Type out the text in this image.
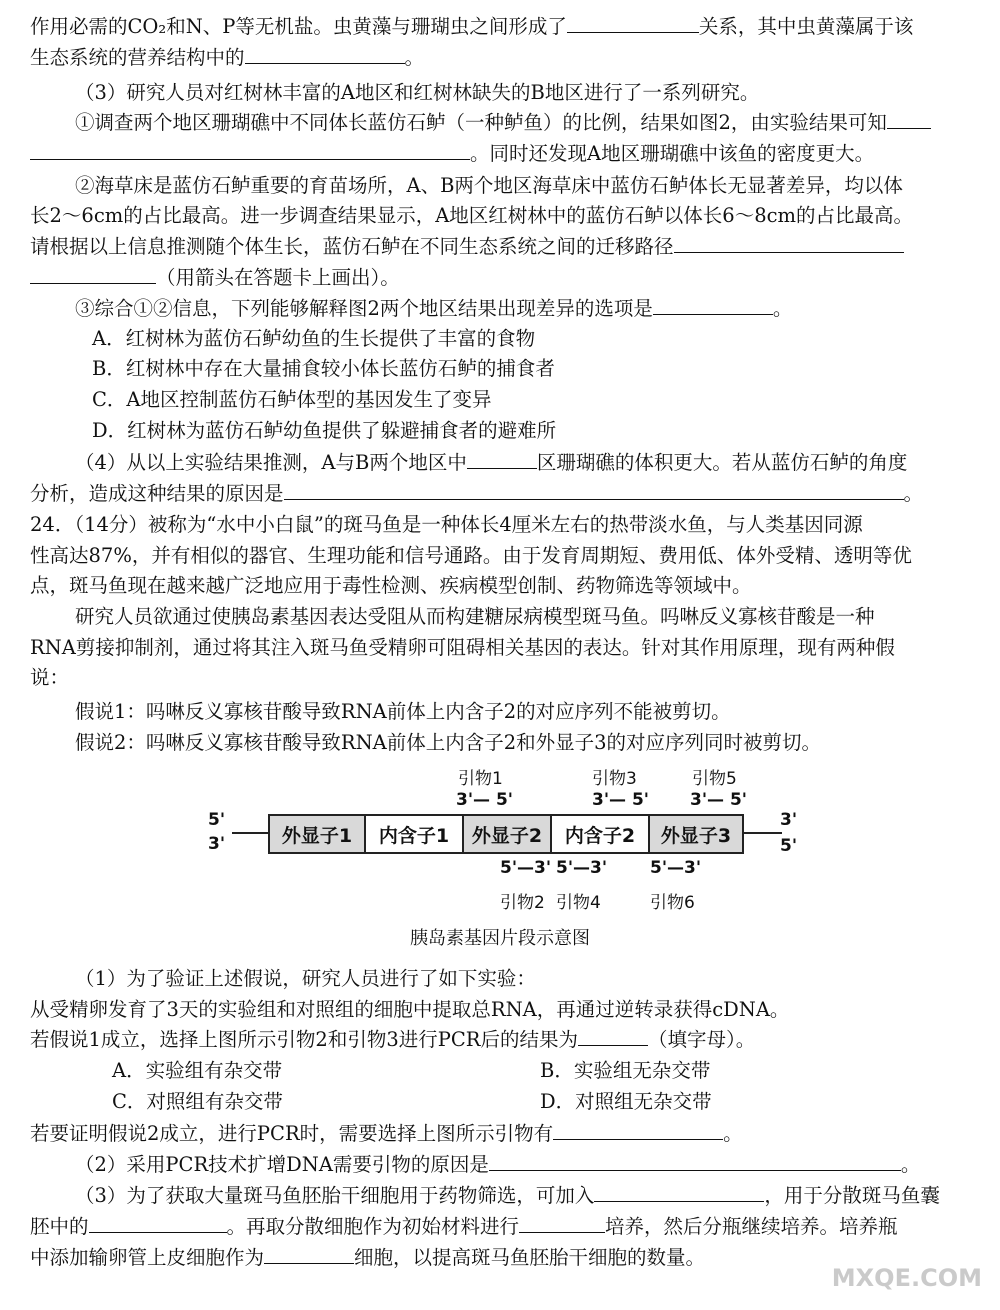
作用必需的CO₂和N、P等无机盐。虫黄藻与珊瑚虫之间形成了	关系，其中虫黄藻属于该
生态系统的营养结构中的	。
（3）研究人员对红树林丰富的A地区和红树林缺失的B地区进行了一系列研究。
①调查两个地区珊瑚礁中不同体长蓝仿石鲈（一种鲈鱼）的比例，结果如图2，由实验结果可知
。同时还发现A地区珊瑚礁中该鱼的密度更大。
②海草床是蓝仿石鲈重要的育苗场所，A、B两个地区海草床中蓝仿石鲈体长无显著差异，均以体
长2～6cm的占比最高。进一步调查结果显示，A地区红树林中的蓝仿石鲈以体长6～8cm的占比最高。
请根据以上信息推测随个体生长，蓝仿石鲈在不同生态系统之间的迁移路径
（用箭头在答题卡上画出）。
③综合①②信息，下列能够解释图2两个地区结果出现差异的选项是	。
A．红树林为蓝仿石鲈幼鱼的生长提供了丰富的食物
B．红树林中存在大量捕食较小体长蓝仿石鲈的捕食者
C．A地区控制蓝仿石鲈体型的基因发生了变异
D．红树林为蓝仿石鲈幼鱼提供了躲避捕食者的避难所
（4）从以上实验结果推测，A与B两个地区中	区珊瑚礁的体积更大。若从蓝仿石鲈的角度
分析，造成这种结果的原因是	。
24．（14分）被称为“水中小白鼠”的斑马鱼是一种体长4厘米左右的热带淡水鱼，与人类基因同源
性高达87%，并有相似的器官、生理功能和信号通路。由于发育周期短、费用低、体外受精、透明等优
点，斑马鱼现在越来越广泛地应用于毒性检测、疾病模型创制、药物筛选等领域中。
研究人员欲通过使胰岛素基因表达受阻从而构建糖尿病模型斑马鱼。吗啉反义寡核苷酸是一种
RNA剪接抑制剂，通过将其注入斑马鱼受精卵可阻碍相关基因的表达。针对其作用原理，现有两种假
说：
假说1：吗啉反义寡核苷酸导致RNA前体上内含子2的对应序列不能被剪切。
假说2：吗啉反义寡核苷酸导致RNA前体上内含子2和外显子3的对应序列同时被剪切。
引物1	引物3	引物5
3'— 5'	3'— 5' 3'— 5'
5'
3'	外显子1	内含子1	外显子2	内含子2	外显子3
3'
5'
5'—3' 5'—3'	5'—3'
引物2 引物4	引物6
胰岛素基因片段示意图
（1）为了验证上述假说，研究人员进行了如下实验：
从受精卵发育了3天的实验组和对照组的细胞中提取总RNA，再通过逆转录获得cDNA。
若假说1成立，选择上图所示引物2和引物3进行PCR后的结果为	（填字母）。
A．实验组有杂交带	B．实验组无杂交带
C．对照组有杂交带	D．对照组无杂交带
若要证明假说2成立，进行PCR时，需要选择上图所示引物有	。
（2）采用PCR技术扩增DNA需要引物的原因是	。
（3）为了获取大量斑马鱼胚胎干细胞用于药物筛选，可加入	，用于分散斑马鱼囊
胚中的	。再取分散细胞作为初始材料进行	培养，然后分瓶继续培养。培养瓶
中添加输卵管上皮细胞作为	细胞，以提高斑马鱼胚胎干细胞的数量。
MXQE.COM
